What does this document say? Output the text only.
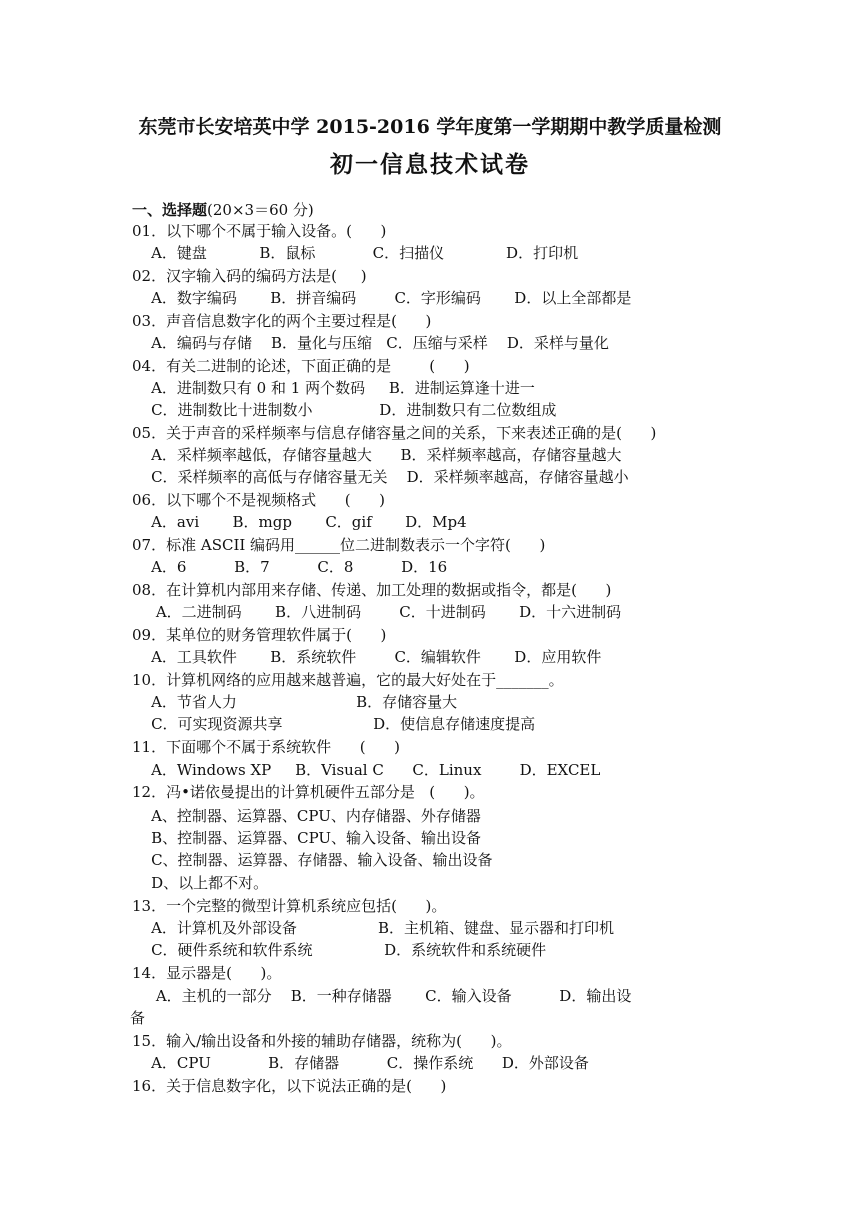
东莞市长安培英中学 2015-2016 学年度第一学期期中教学质量检测
初一信息技术试卷
一、选择题(20×3＝60 分)
01．以下哪个不属于输入设备。(      )
A．键盘           B．鼠标            C．扫描仪             D．打印机
02．汉字输入码的编码方法是(     )
A．数字编码       B．拼音编码        C．字形编码       D．以上全部都是
03．声音信息数字化的两个主要过程是(      )
A．编码与存储    B．量化与压缩   C．压缩与采样    D．采样与量化
04．有关二进制的论述，下面正确的是        (      )
A．进制数只有 0 和 1 两个数码     B．进制运算逢十进一
C．进制数比十进制数小              D．进制数只有二位数组成
05．关于声音的采样频率与信息存储容量之间的关系，下来表述正确的是(      )
A．采样频率越低，存储容量越大      B．采样频率越高，存储容量越大
C．采样频率的高低与存储容量无关    D．采样频率越高，存储容量越小
06．以下哪个不是视频格式      (      )
A．avi       B．mgp       C．gif       D．Mp4
07．标准 ASCII 编码用______位二进制数表示一个字符(      )
A．6          B．7          C．8          D．16
08．在计算机内部用来存储、传递、加工处理的数据或指令，都是(      )
A．二进制码       B．八进制码        C．十进制码       D．十六进制码
09．某单位的财务管理软件属于(      )
A．工具软件       B．系统软件        C．编辑软件       D．应用软件
10．计算机网络的应用越来越普遍，它的最大好处在于_______。
A．节省人力                         B．存储容量大
C．可实现资源共享                   D．使信息存储速度提高
11．下面哪个不属于系统软件      (      )
A．Windows XP     B．Visual C      C．Linux        D．EXCEL
12．冯•诺依曼提出的计算机硬件五部分是   (      )。
A、控制器、运算器、CPU、内存储器、外存储器
B、控制器、运算器、CPU、输入设备、输出设备
C、控制器、运算器、存储器、输入设备、输出设备
D、以上都不对。
13．一个完整的微型计算机系统应包括(      )。
A．计算机及外部设备                 B．主机箱、键盘、显示器和打印机
C．硬件系统和软件系统               D．系统软件和系统硬件
14．显示器是(      )。
A．主机的一部分    B．一种存储器       C．输入设备          D．输出设
备
15．输入/输出设备和外接的辅助存储器，统称为(      )。
A．CPU            B．存储器          C．操作系统      D．外部设备
16．关于信息数字化，以下说法正确的是(      )
